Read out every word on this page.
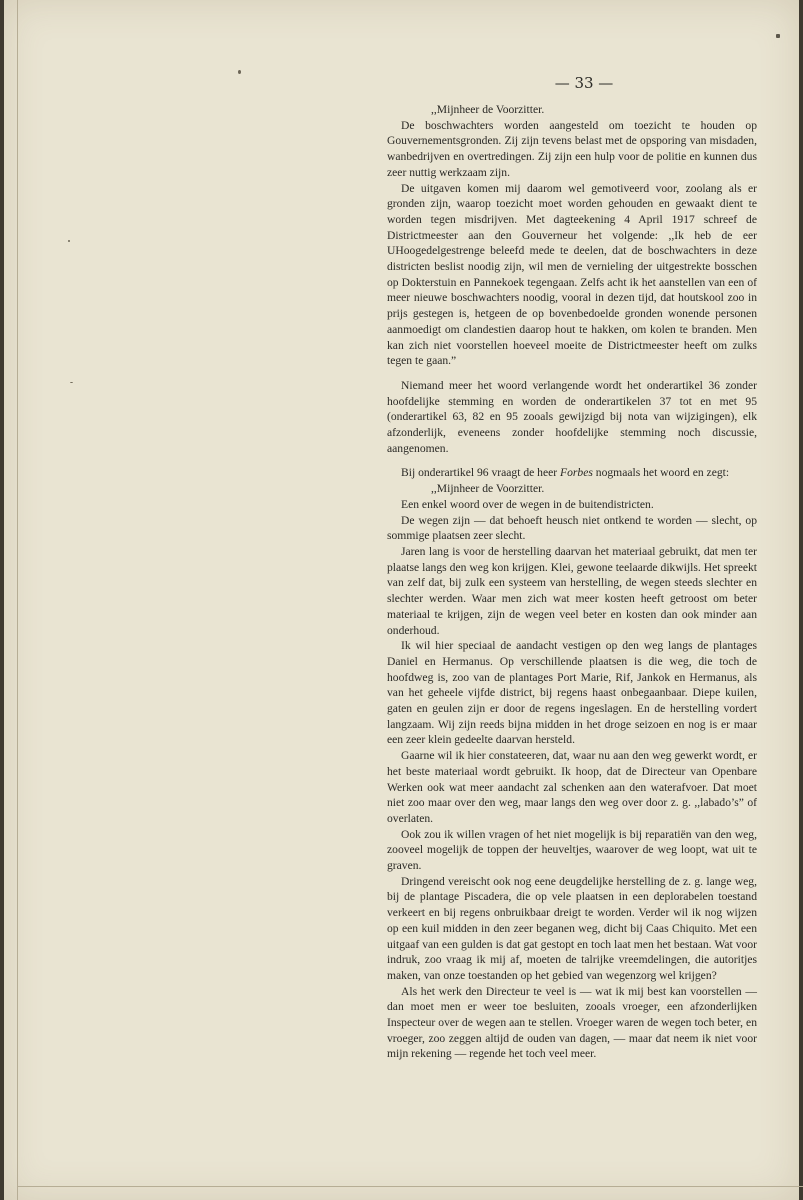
— 33 —

,,Mijnheer de Voorzitter.

De boschwachters worden aangesteld om toezicht te houden op Gouvernementsgronden. Zij zijn tevens belast met de opsporing van misdaden, wanbedrijven en overtredingen. Zij zijn een hulp voor de politie en kunnen dus zeer nuttig werkzaam zijn.

De uitgaven komen mij daarom wel gemotiveerd voor, zoolang als er gronden zijn, waarop toezicht moet worden gehouden en gewaakt dient te worden tegen misdrijven. Met dagteekening 4 April 1917 schreef de Districtmeester aan den Gouverneur het volgende: ,,Ik heb de eer UHoogedelgestrenge beleefd mede te deelen, dat de boschwachters in deze districten beslist noodig zijn, wil men de vernieling der uitgestrekte bosschen op Dokterstuin en Pannekoek tegengaan. Zelfs acht ik het aanstellen van een of meer nieuwe boschwachters noodig, vooral in dezen tijd, dat houtskool zoo in prijs gestegen is, hetgeen de op bovenbedoelde gronden wonende personen aanmoedigt om clandestien daarop hout te hakken, om kolen te branden. Men kan zich niet voorstellen hoeveel moeite de Districtmeester heeft om zulks tegen te gaan.”

Niemand meer het woord verlangende wordt het onderartikel 36 zonder hoofdelijke stemming en worden de onderartikelen 37 tot en met 95 (onderartikel 63, 82 en 95 zooals gewijzigd bij nota van wijzigingen), elk afzonderlijk, eveneens zonder hoofdelijke stemming noch discussie, aangenomen.

Bij onderartikel 96 vraagt de heer Forbes nogmaals het woord en zegt:

,,Mijnheer de Voorzitter.

Een enkel woord over de wegen in de buitendistricten.

De wegen zijn — dat behoeft heusch niet ontkend te worden — slecht, op sommige plaatsen zeer slecht.

Jaren lang is voor de herstelling daarvan het materiaal gebruikt, dat men ter plaatse langs den weg kon krijgen. Klei, gewone teelaarde dikwijls. Het spreekt van zelf dat, bij zulk een systeem van herstelling, de wegen steeds slechter en slechter werden. Waar men zich wat meer kosten heeft getroost om beter materiaal te krijgen, zijn de wegen veel beter en kosten dan ook minder aan onderhoud.

Ik wil hier speciaal de aandacht vestigen op den weg langs de plantages Daniel en Hermanus. Op verschillende plaatsen is die weg, die toch de hoofdweg is, zoo van de plantages Port Marie, Rif, Jankok en Hermanus, als van het geheele vijfde district, bij regens haast onbegaanbaar. Diepe kuilen, gaten en geulen zijn er door de regens ingeslagen. En de herstelling vordert langzaam. Wij zijn reeds bijna midden in het droge seizoen en nog is er maar een zeer klein gedeelte daarvan hersteld.

Gaarne wil ik hier constateeren, dat, waar nu aan den weg gewerkt wordt, er het beste materiaal wordt gebruikt. Ik hoop, dat de Directeur van Openbare Werken ook wat meer aandacht zal schenken aan den waterafvoer. Dat moet niet zoo maar over den weg, maar langs den weg over door z. g. ,,labado’s” of overlaten.

Ook zou ik willen vragen of het niet mogelijk is bij reparatiën van den weg, zooveel mogelijk de toppen der heuveltjes, waarover de weg loopt, wat uit te graven.

Dringend vereischt ook nog eene deugdelijke herstelling de z. g. lange weg, bij de plantage Piscadera, die op vele plaatsen in een deplorabelen toestand verkeert en bij regens onbruikbaar dreigt te worden. Verder wil ik nog wijzen op een kuil midden in den zeer beganen weg, dicht bij Caas Chiquito. Met een uitgaaf van een gulden is dat gat gestopt en toch laat men het bestaan. Wat voor indruk, zoo vraag ik mij af, moeten de talrijke vreemdelingen, die autoritjes maken, van onze toestanden op het gebied van wegenzorg wel krijgen?

Als het werk den Directeur te veel is — wat ik mij best kan voorstellen — dan moet men er weer toe besluiten, zooals vroeger, een afzonderlijken Inspecteur over de wegen aan te stellen. Vroeger waren de wegen toch beter, en vroeger, zoo zeggen altijd de ouden van dagen, — maar dat neem ik niet voor mijn rekening — regende het toch veel meer.
